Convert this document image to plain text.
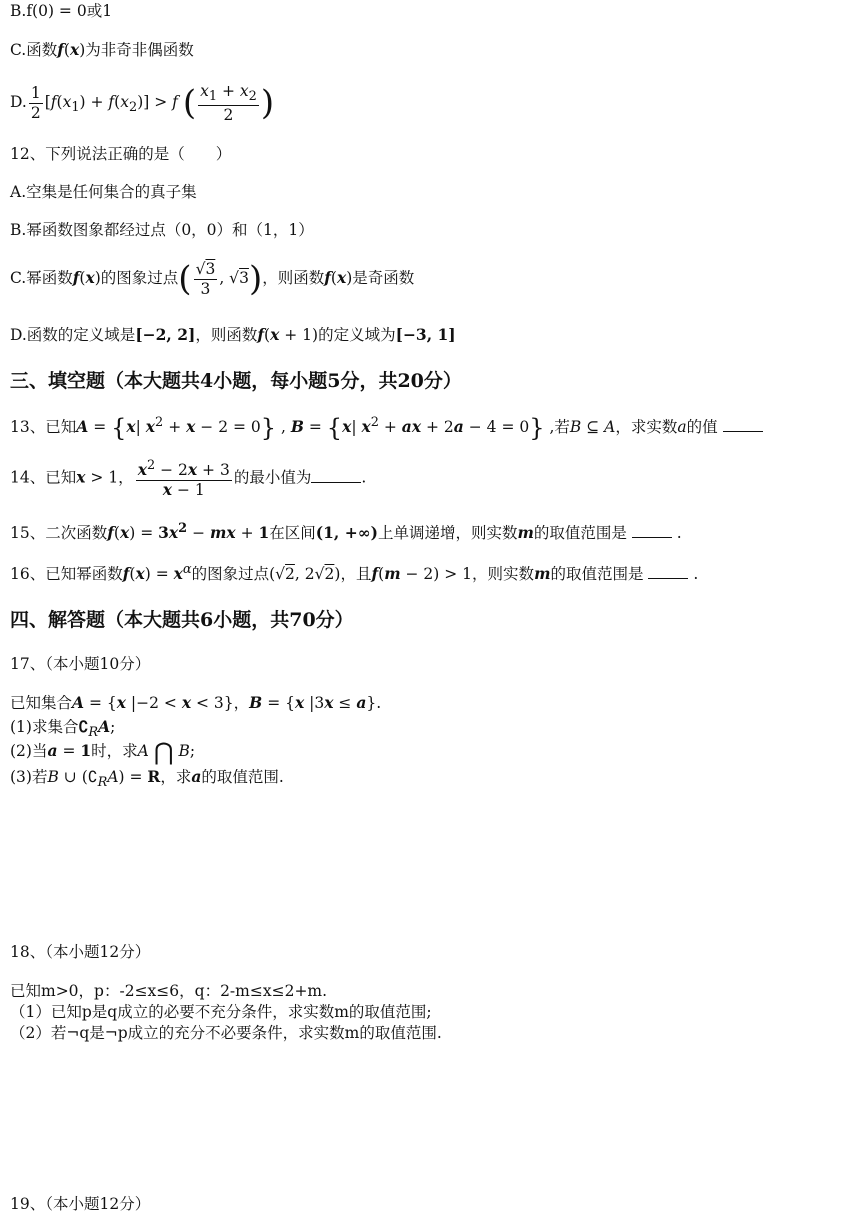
B.f(0) = 0或1
C.函数f(x)为非奇非偶函数
D. $\frac{1}{2} [f(x_1) + f(x_2)] > f$ ( $\frac{x_1 + x_2}{2}$ )
12、下列说法正确的是（　　）
A.空集是任何集合的真子集
B.幂函数图象都经过点（0，0）和（1，1）
C.幂函数f(x)的图象过点( $\frac{√3}{3}$ , √3)，则函数f(x)是奇函数
D.函数的定义域是[−2, 2]，则函数f(x + 1)的定义域为[−3, 1]
三、填空题（本大题共4小题，每小题5分，共20分）
13、已知A = {x| $x^2 + x - 2 = 0$} , B = {x| $x^2$ + ax + 2a − 4 = 0} ,若B ⊆ A，求实数a的值
14、已知x > 1， $\frac{x^2 - 2x + 3}{x - 1}$ 的最小值为	.
15、二次函数$f(x) = 3x^2$ − mx + 1在区间(1, +∞)上单调递增，则实数m的取值范围是	.
16、已知幂函数$f(x) = x^\alpha$的图象过点(√2, 2√2)，且f(m − 2) > 1，则实数m的取值范围是	.
四、解答题（本大题共6小题，共70分）
17、（本小题10分）
已知集合A = {x |−2 < x < 3}，B = {x |3x ≤ a}.
(1)求集合$∁_RA$;
(2)当a = 1时，求A ⋂ B;
(3)若B ∪ $(∁_RA) = R$，求a的取值范围.
18、（本小题12分）
已知m>0，p：-2≤x≤6，q：2-m≤x≤2+m.
（1）已知p是q成立的必要不充分条件，求实数m的取值范围;
（2）若¬q是¬p成立的充分不必要条件，求实数m的取值范围.
19、（本小题12分）
